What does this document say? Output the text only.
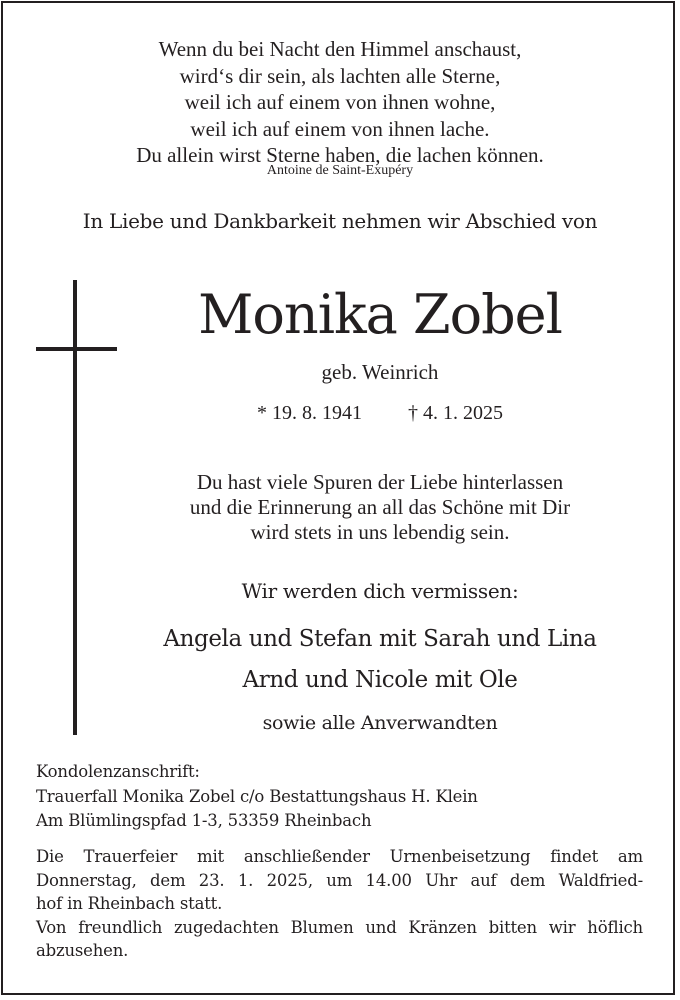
Wenn du bei Nacht den Himmel anschaust,
wird‘s dir sein, als lachten alle Sterne,
weil ich auf einem von ihnen wohne,
weil ich auf einem von ihnen lache.
Du allein wirst Sterne haben, die lachen können.
Antoine de Saint-Exupéry
In Liebe und Dankbarkeit nehmen wir Abschied von
Monika Zobel
geb. Weinrich
* 19. 8. 1941 † 4. 1. 2025
Du hast viele Spuren der Liebe hinterlassen
und die Erinnerung an all das Schöne mit Dir
wird stets in uns lebendig sein.
Wir werden dich vermissen:
Angela und Stefan mit Sarah und Lina
Arnd und Nicole mit Ole
sowie alle Anverwandten
Kondolenzanschrift:
Trauerfall Monika Zobel c/o Bestattungshaus H. Klein
Am Blümlingspfad 1-3, 53359 Rheinbach
Die Trauerfeier mit anschließender Urnenbeisetzung findet am
Donnerstag, dem 23. 1. 2025, um 14.00 Uhr auf dem Waldfried-
hof in Rheinbach statt.
Von freundlich zugedachten Blumen und Kränzen bitten wir höflich
abzusehen.
